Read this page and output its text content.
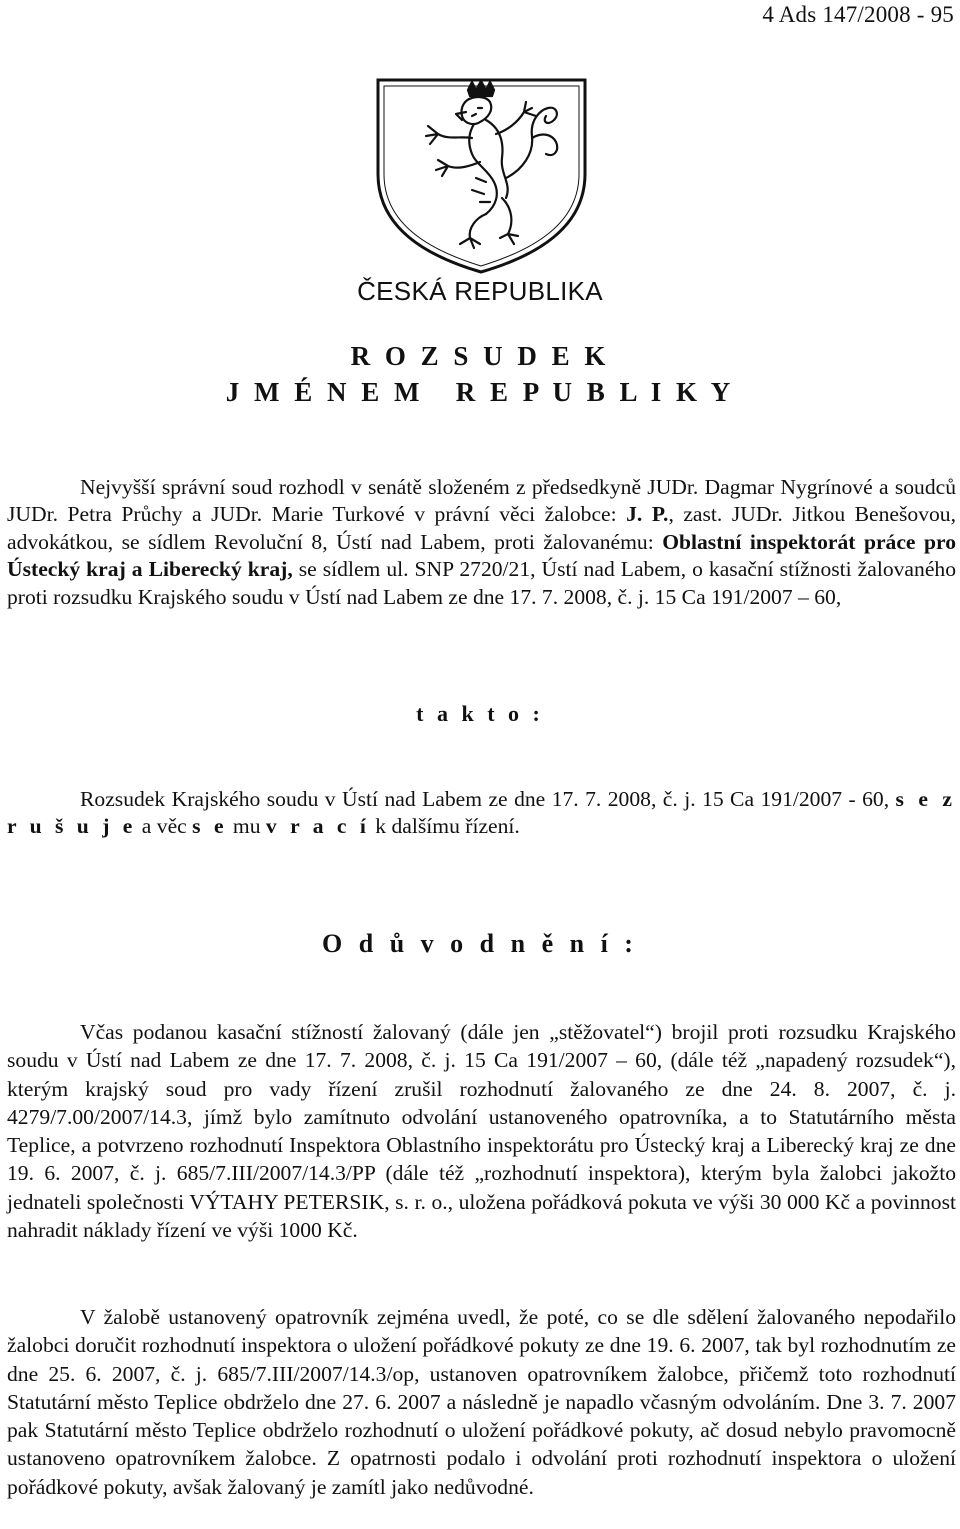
4 Ads 147/2008 - 95
ČESKÁ REPUBLIKA
R O Z S U D E K
J M É N E M   R E P U B L I K Y

Nejvyšší správní soud rozhodl v senátě složeném z předsedkyně JUDr. Dagmar Nygrínové a soudců JUDr. Petra Průchy a JUDr. Marie Turkové v právní věci žalobce: J. P., zast. JUDr. Jitkou Benešovou, advokátkou, se sídlem Revoluční 8, Ústí nad Labem, proti žalovanému: Oblastní inspektorát práce pro Ústecký kraj a Liberecký kraj, se sídlem ul. SNP 2720/21, Ústí nad Labem, o kasační stížnosti žalovaného proti rozsudku Krajského soudu v Ústí nad Labem ze dne 17. 7. 2008, č. j. 15 Ca 191/2007 – 60,

t a k t o :

Rozsudek Krajského soudu v Ústí nad Labem ze dne 17. 7. 2008, č. j. 15 Ca 191/2007 - 60, s e z r u š u j e a věc s e mu v r a c í k dalšímu řízení.

O d ů v o d n ě n í :

Včas podanou kasační stížností žalovaný (dále jen „stěžovatel“) brojil proti rozsudku Krajského soudu v Ústí nad Labem ze dne 17. 7. 2008, č. j. 15 Ca 191/2007 – 60, (dále též „napadený rozsudek“), kterým krajský soud pro vady řízení zrušil rozhodnutí žalovaného ze dne 24. 8. 2007, č. j. 4279/7.00/2007/14.3, jímž bylo zamítnuto odvolání ustanoveného opatrovníka, a to Statutárního města Teplice, a potvrzeno rozhodnutí Inspektora Oblastního inspektorátu pro Ústecký kraj a Liberecký kraj ze dne 19. 6. 2007, č. j. 685/7.III/2007/14.3/PP (dále též „rozhodnutí inspektora), kterým byla žalobci jakožto jednateli společnosti VÝTAHY PETERSIK, s. r. o., uložena pořádková pokuta ve výši 30 000 Kč a povinnost nahradit náklady řízení ve výši 1000 Kč.

V žalobě ustanovený opatrovník zejména uvedl, že poté, co se dle sdělení žalovaného nepodařilo žalobci doručit rozhodnutí inspektora o uložení pořádkové pokuty ze dne 19. 6. 2007, tak byl rozhodnutím ze dne 25. 6. 2007, č. j. 685/7.III/2007/14.3/op, ustanoven opatrovníkem žalobce, přičemž toto rozhodnutí Statutární město Teplice obdrželo dne 27. 6. 2007 a následně je napadlo včasným odvoláním. Dne 3. 7. 2007 pak Statutární město Teplice obdrželo rozhodnutí o uložení pořádkové pokuty, ač dosud nebylo pravomocně ustanoveno opatrovníkem žalobce. Z opatrnosti podalo i odvolání proti rozhodnutí inspektora o uložení pořádkové pokuty, avšak žalovaný je zamítl jako nedůvodné.
